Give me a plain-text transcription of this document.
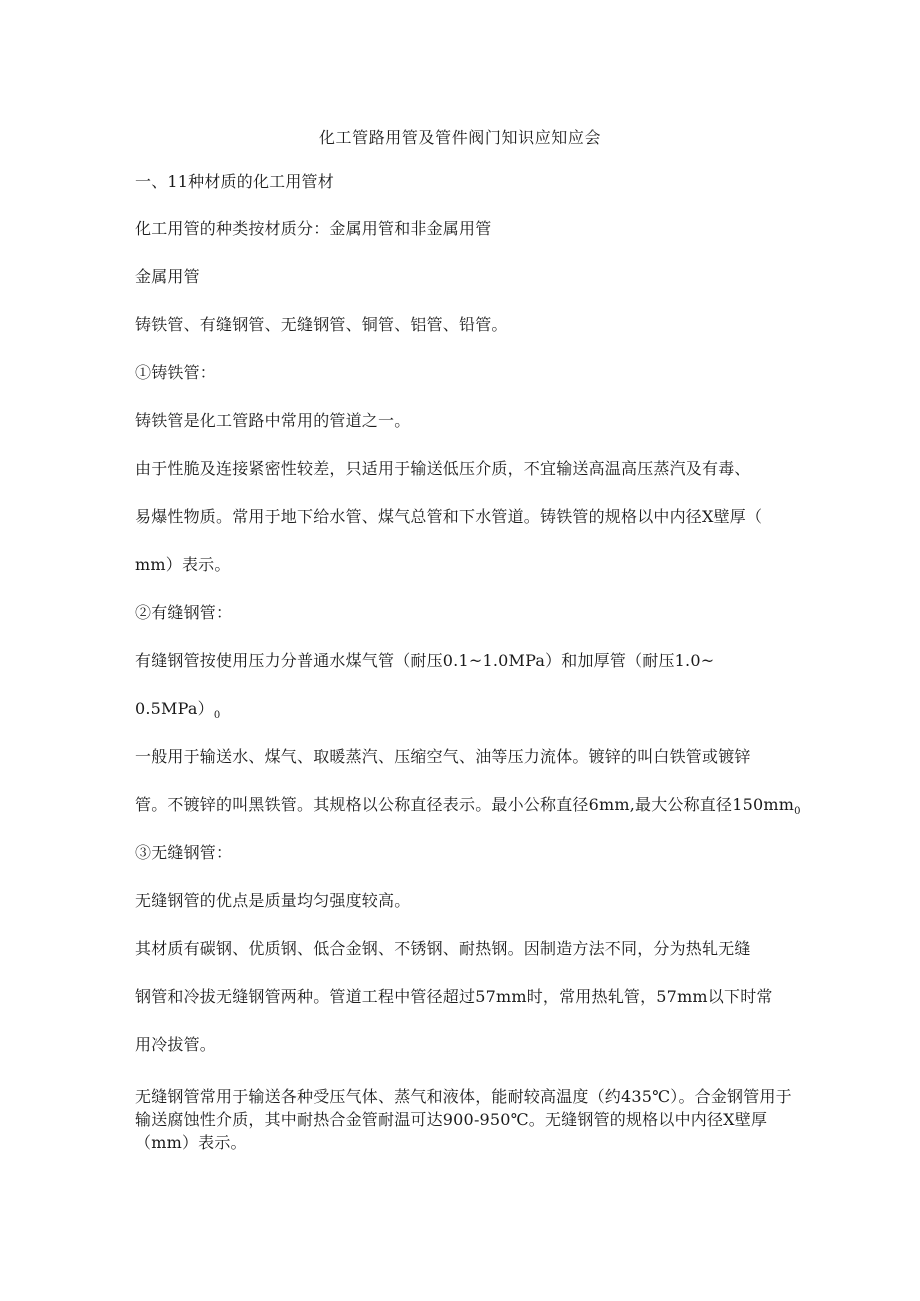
化工管路用管及管件阀门知识应知应会
一、11种材质的化工用管材
化工用管的种类按材质分：金属用管和非金属用管
金属用管
铸铁管、有缝钢管、无缝钢管、铜管、铝管、铅管。
①铸铁管：
铸铁管是化工管路中常用的管道之一。
由于性脆及连接紧密性较差，只适用于输送低压介质，不宜输送高温高压蒸汽及有毒、
易爆性物质。常用于地下给水管、煤气总管和下水管道。铸铁管的规格以中内径X壁厚（
mm）表示。
②有缝钢管：
有缝钢管按使用压力分普通水煤气管（耐压0.1~1.0MPa）和加厚管（耐压1.0~
$0.5MPa)_0$
一般用于输送水、煤气、取暖蒸汽、压缩空气、油等压力流体。镀锌的叫白铁管或镀锌
管。不镀锌的叫黑铁管。其规格以公称直径表示。最小公称直径6mm,最大公称直径$150mm_0$
③无缝钢管：
无缝钢管的优点是质量均匀强度较高。
其材质有碳钢、优质钢、低合金钢、不锈钢、耐热钢。因制造方法不同，分为热轧无缝
钢管和冷拔无缝钢管两种。管道工程中管径超过57mm时，常用热轧管，57mm以下时常
用冷拔管。
无缝钢管常用于输送各种受压气体、蒸气和液体，能耐较高温度（约435℃）。合金钢管用于输送腐蚀性介质，其中耐热合金管耐温可达900-950℃。无缝钢管的规格以中内径X壁厚（mm）表示。
